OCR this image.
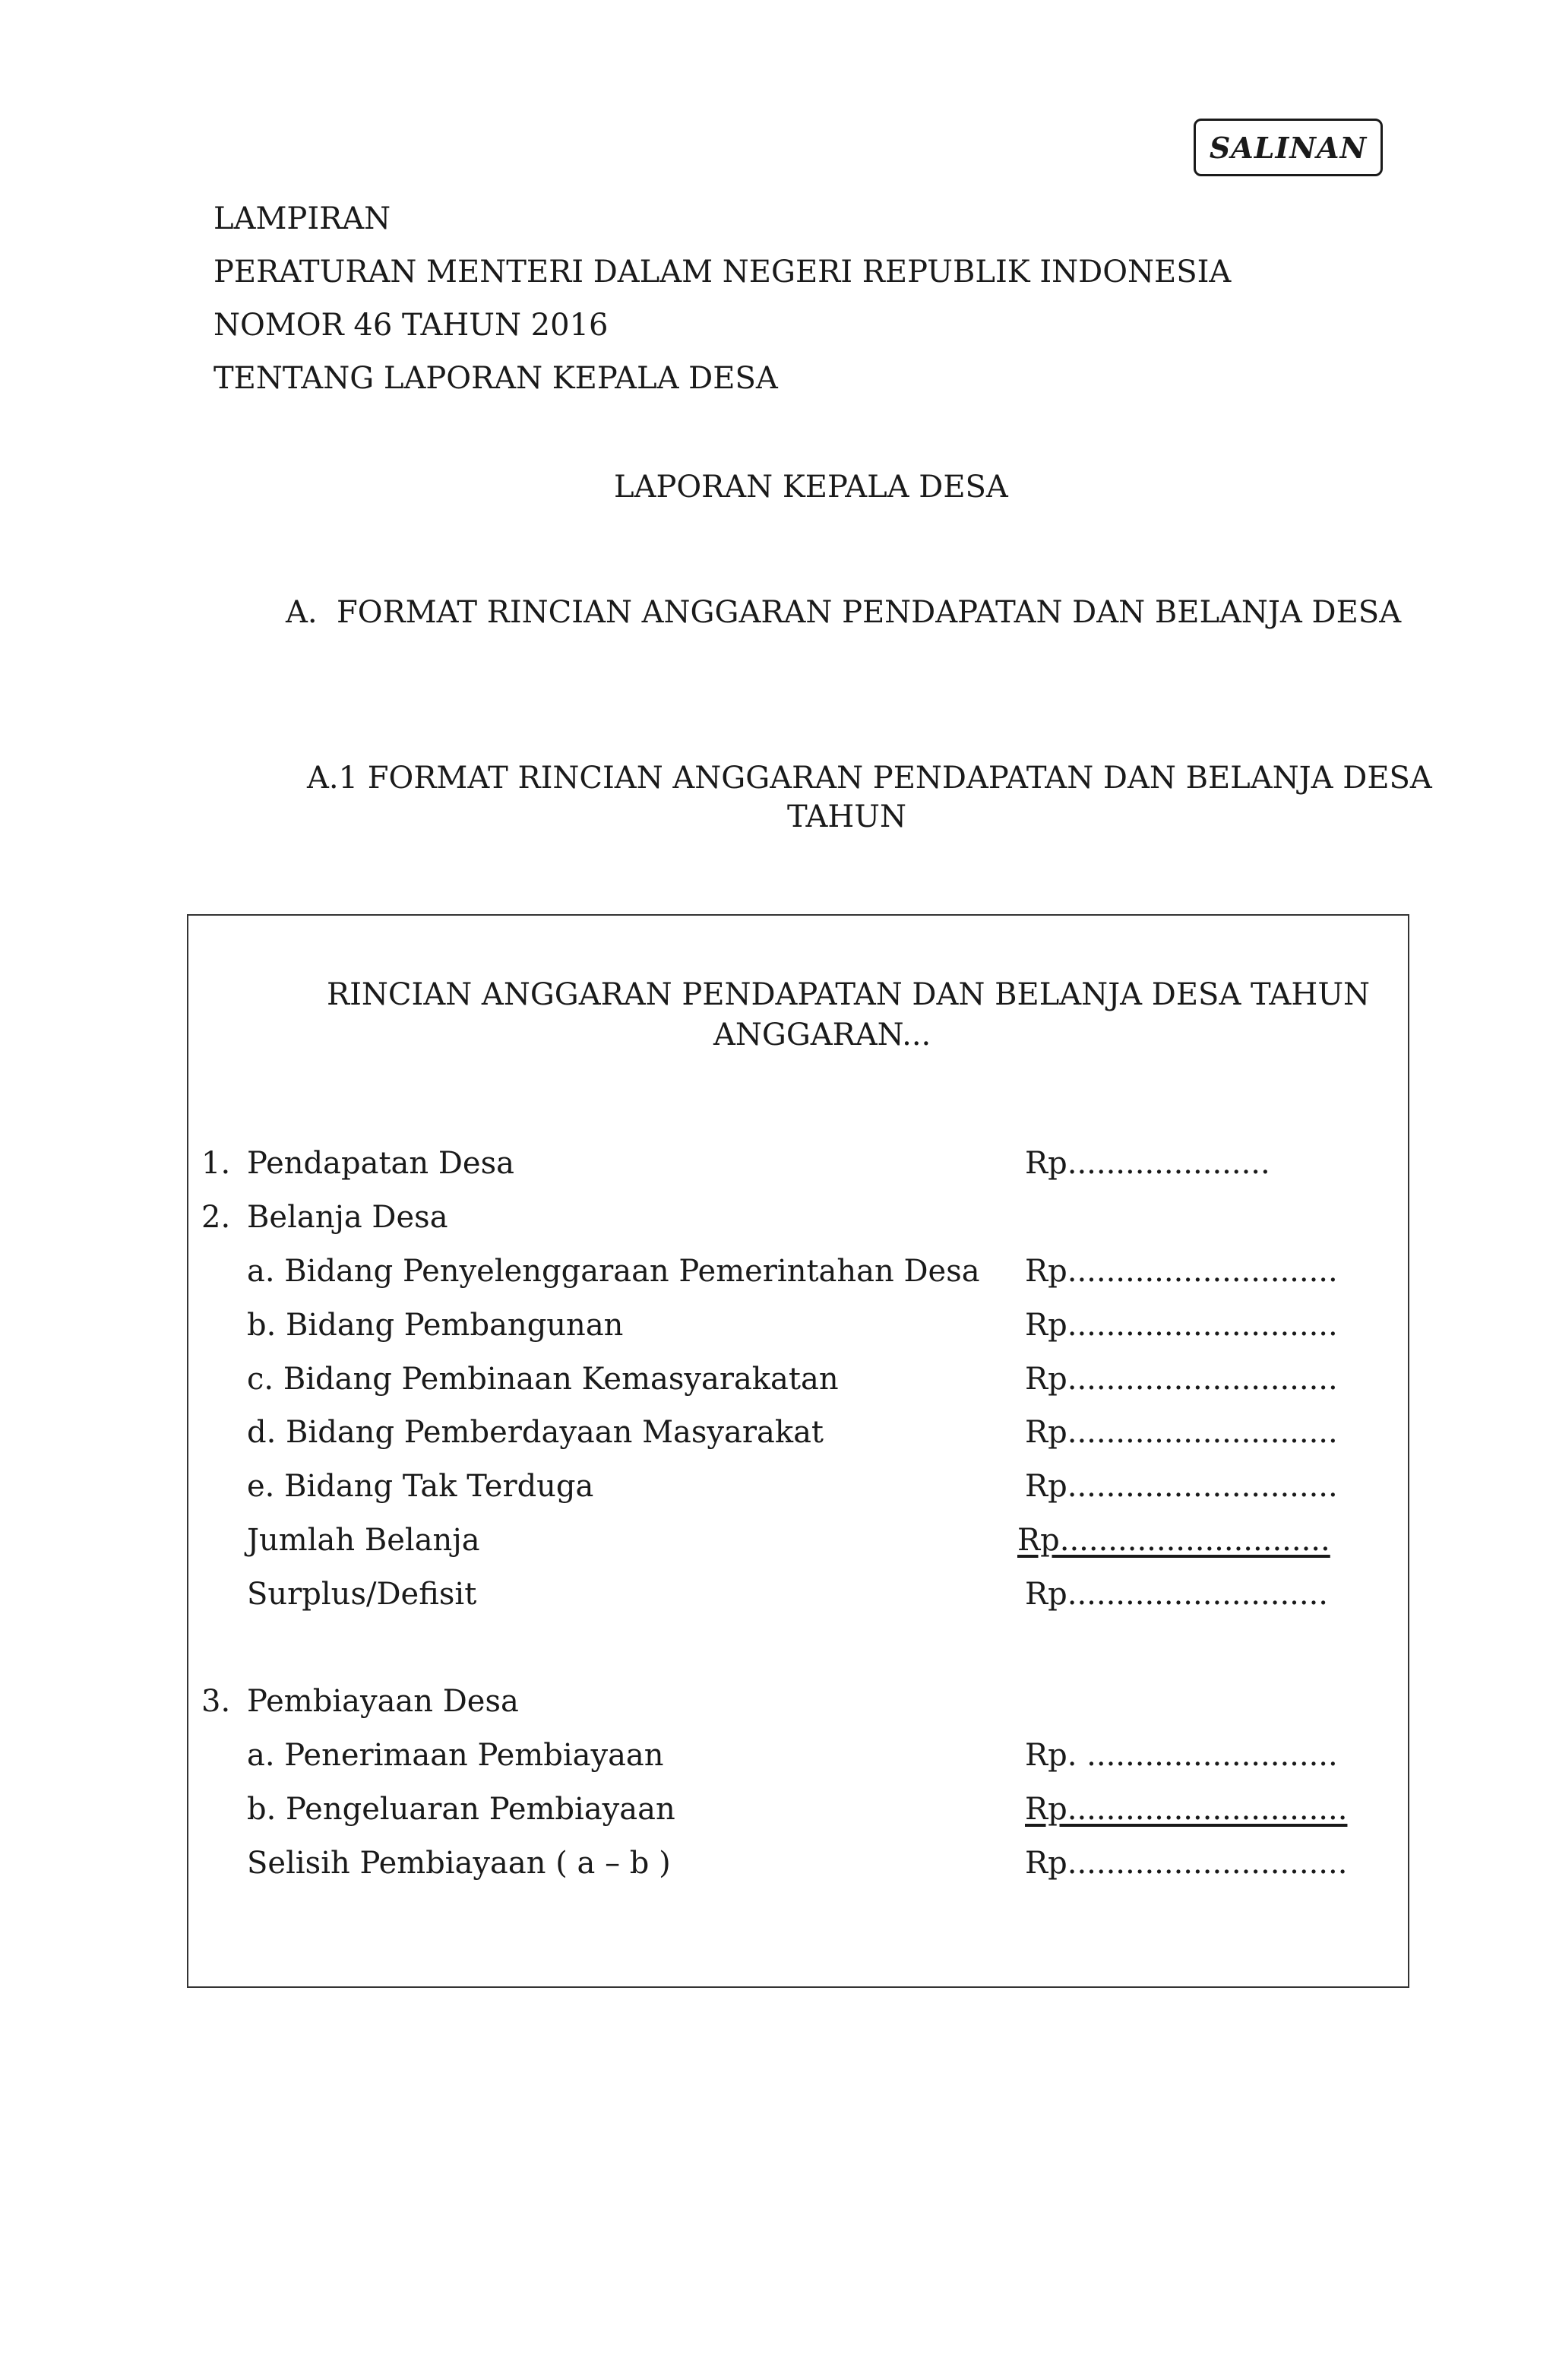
SALINAN
LAMPIRAN
PERATURAN MENTERI DALAM NEGERI REPUBLIK INDONESIA
NOMOR 46 TAHUN 2016
TENTANG LAPORAN KEPALA DESA
LAPORAN KEPALA DESA
A.  FORMAT RINCIAN ANGGARAN PENDAPATAN DAN BELANJA DESA
A.1 FORMAT RINCIAN ANGGARAN PENDAPATAN DAN BELANJA DESA
TAHUN
RINCIAN ANGGARAN PENDAPATAN DAN BELANJA DESA TAHUN
ANGGARAN...
1. Pendapatan Desa	Rp.....................
2. Belanja Desa
a. Bidang Penyelenggaraan Pemerintahan Desa Rp............................
b. Bidang Pembangunan	Rp............................
c. Bidang Pembinaan Kemasyarakatan	Rp............................
d. Bidang Pemberdayaan Masyarakat	Rp............................
e. Bidang Tak Terduga	Rp............................
Jumlah Belanja	Rp............................
Surplus/Defisit	Rp...........................
3. Pembiayaan Desa
a. Penerimaan Pembiayaan	Rp. ..........................
b. Pengeluaran Pembiayaan	Rp.............................
Selisih Pembiayaan ( a – b )	Rp.............................
